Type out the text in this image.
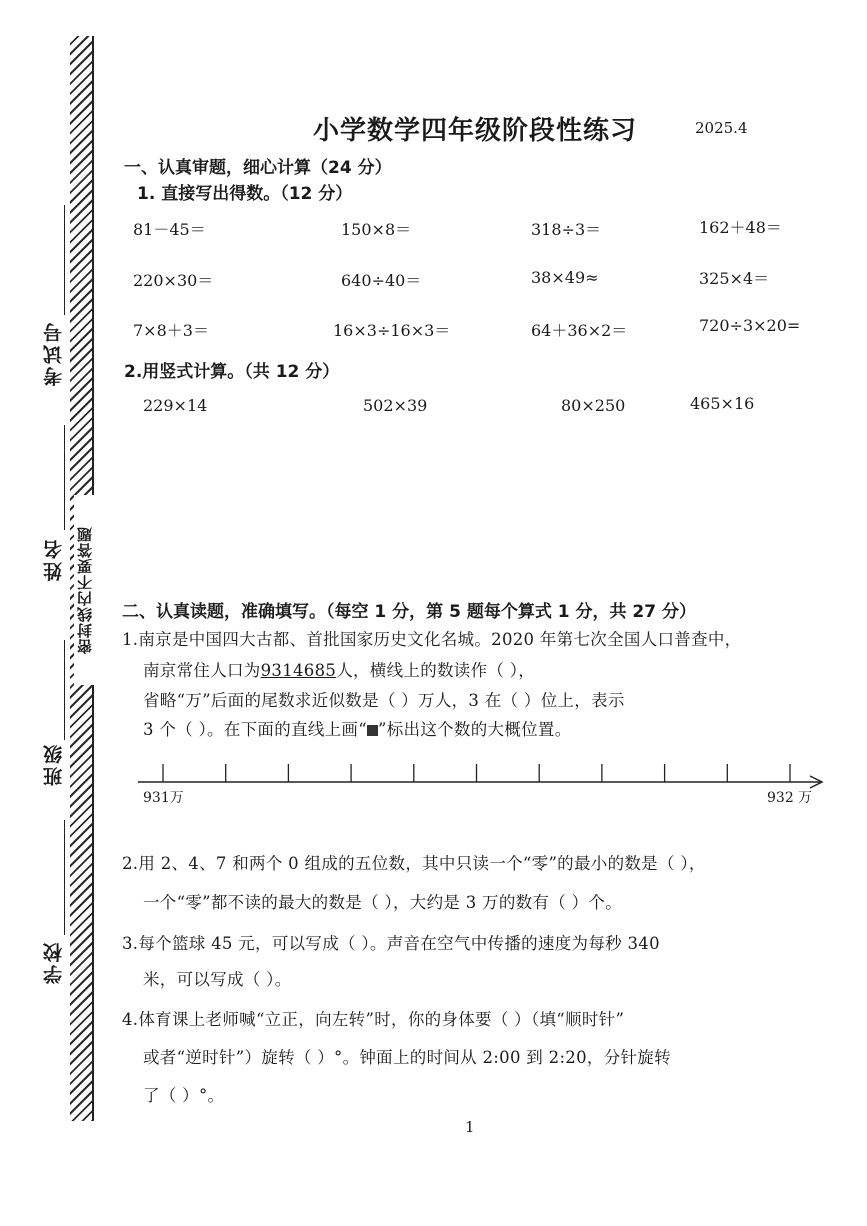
考试号
姓名
班级
学校
密封线内不要答题
小学数学四年级阶段性练习	2025.4
一、认真审题，细心计算（24 分）
1. 直接写出得数。（12 分）
81－45＝	150×8＝	318÷3＝	162＋48＝
220×30＝	640÷40＝	38×49≈	325×4＝
7×8＋3＝	16×3÷16×3＝	64＋36×2＝	720÷3×20=
2.用竖式计算。（共 12 分）
229×14	502×39	80×250	465×16
二、认真读题，准确填写。（每空 1 分，第 5 题每个算式 1 分，共 27 分）
1.南京是中国四大古都、首批国家历史文化名城。2020 年第七次全国人口普查中，
南京常住人口为9314685人，横线上的数读作（ ），
省略“万”后面的尾数求近似数是（ ）万人，3 在（ ）位上，表示
3 个（ ）。在下面的直线上画“ ”标出这个数的大概位置。
931万	932 万
2.用 2、4、7 和两个 0 组成的五位数，其中只读一个“零”的最小的数是（ ），
一个“零”都不读的最大的数是（ ），大约是 3 万的数有（ ）个。
3.每个篮球 45 元，可以写成（ ）。声音在空气中传播的速度为每秒 340
米，可以写成（ ）。
4.体育课上老师喊“立正，向左转”时，你的身体要（ ）（填“顺时针”
或者“逆时针”）旋转（ ）°。钟面上的时间从 2:00 到 2:20，分针旋转
了（ ）°。
1
